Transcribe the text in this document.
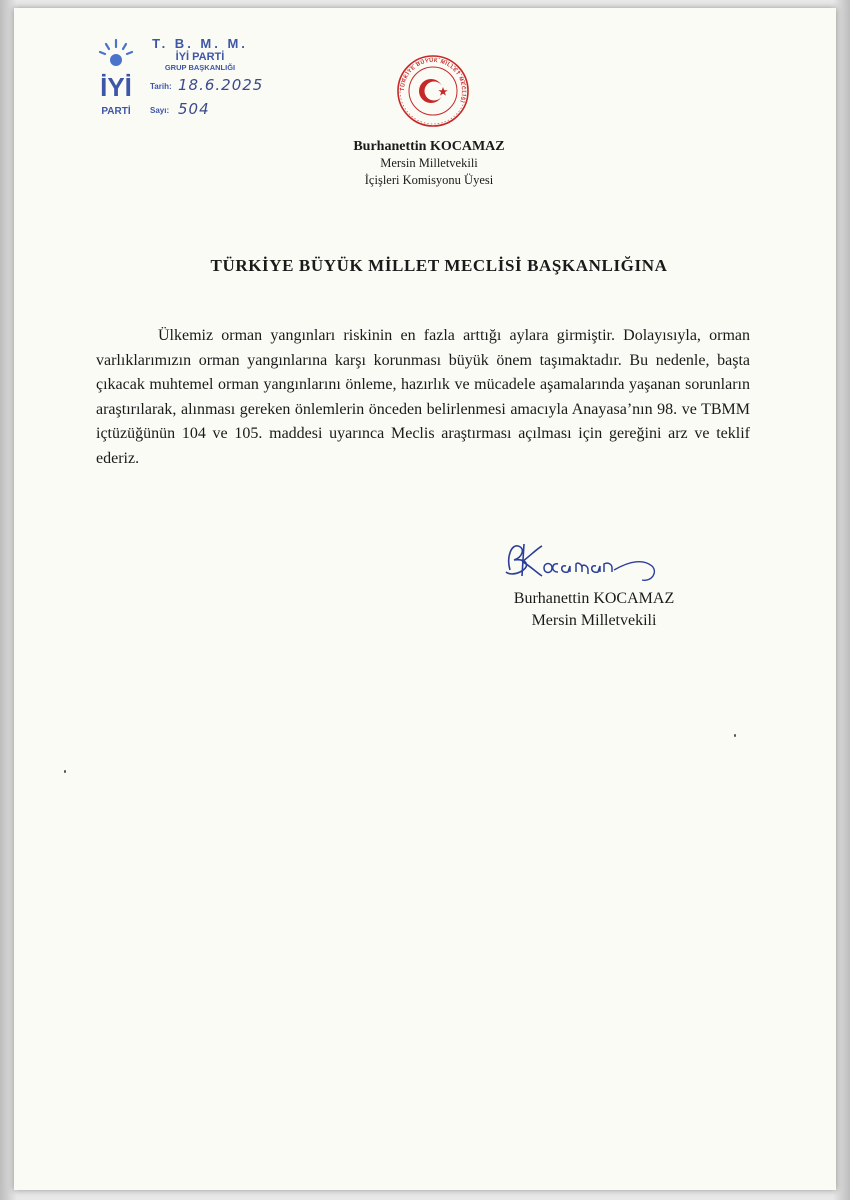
İYİ
PARTİ
T. B. M. M.
İYİ PARTİ
GRUP BAŞKANLIĞI
Tarih: 18.6.2025
Sayı: 504
TÜRKİYE BÜYÜK MİLLET MECLİSİ
Burhanettin KOCAMAZ
Mersin Milletvekili
İçişleri Komisyonu Üyesi
TÜRKİYE BÜYÜK MİLLET MECLİSİ BAŞKANLIĞINA

Ülkemiz orman yangınları riskinin en fazla arttığı aylara girmiştir. Dolayısıyla, orman varlıklarımızın orman yangınlarına karşı korunması büyük önem taşımaktadır. Bu nedenle, başta çıkacak muhtemel orman yangınlarını önleme, hazırlık ve mücadele aşamalarında yaşanan sorunların araştırılarak, alınması gereken önlemlerin önceden belirlenmesi amacıyla Anayasa’nın 98. ve TBMM içtüzüğünün 104 ve 105. maddesi uyarınca Meclis araştırması açılması için gereğini arz ve teklif ederiz.

Burhanettin KOCAMAZ
Mersin Milletvekili
